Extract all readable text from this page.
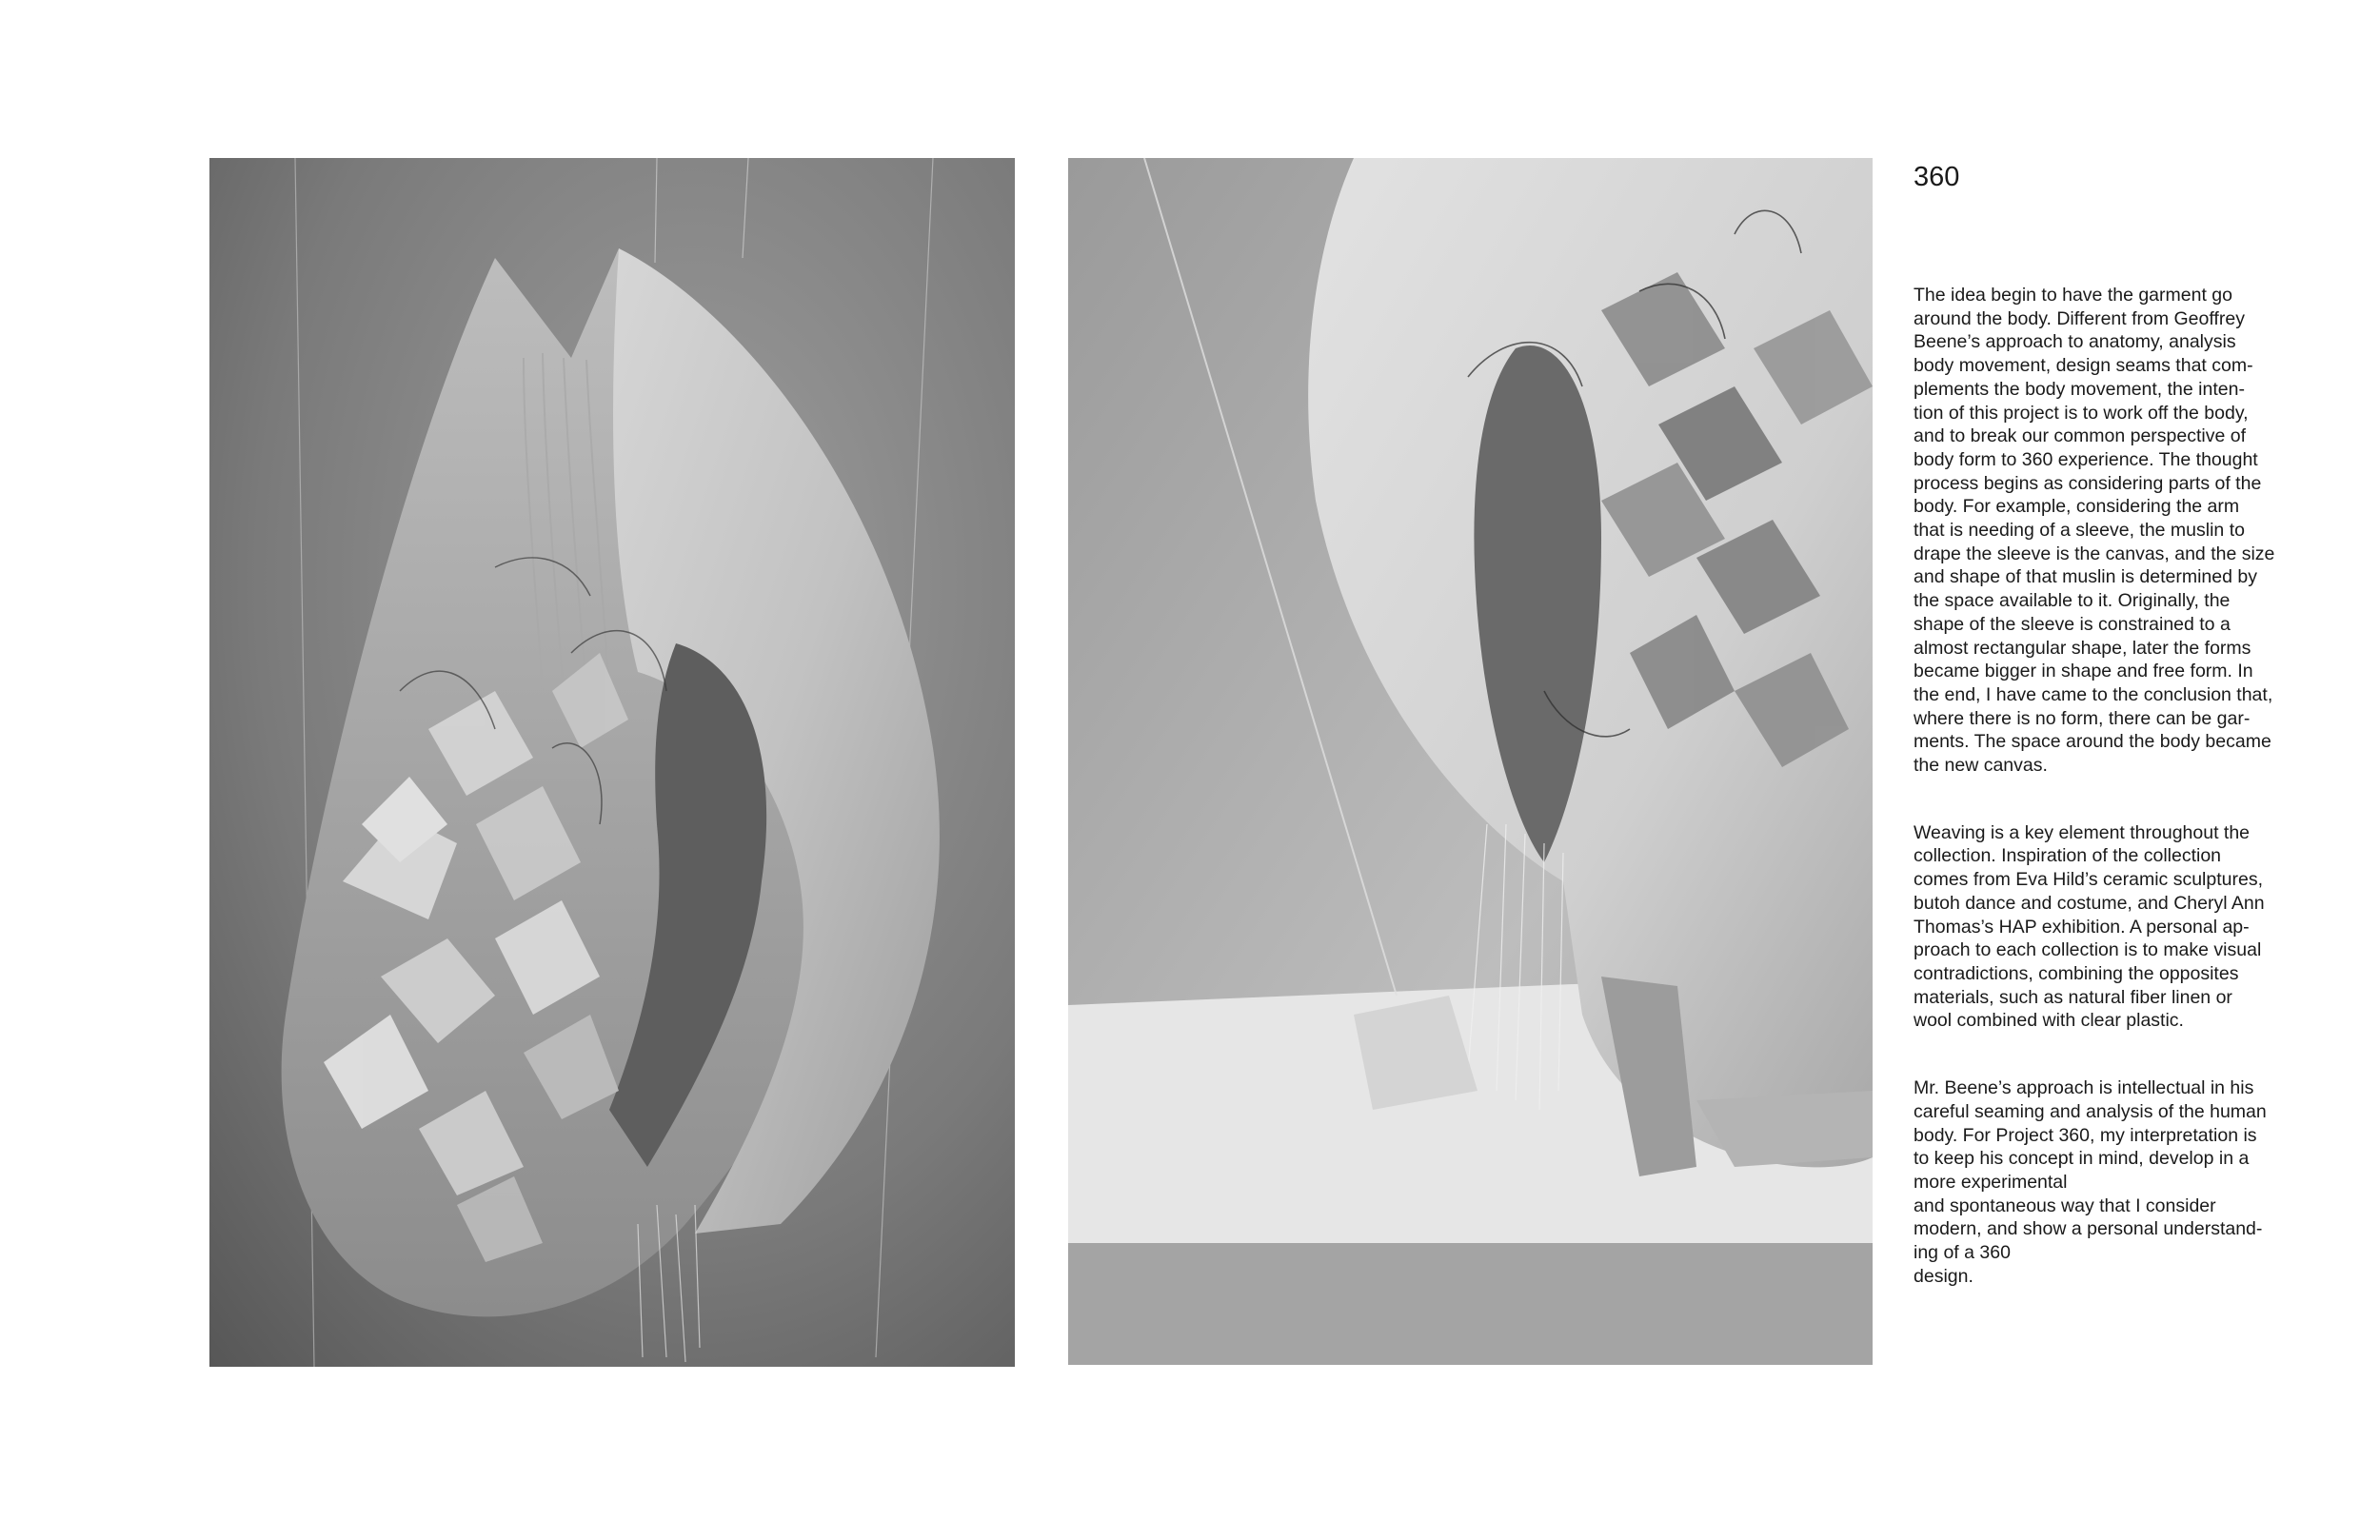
360

The idea begin to have the garment go
around the body. Different from Geoffrey
Beene’s approach to anatomy, analysis
body movement, design seams that com-
plements the body movement, the inten-
tion of this project is to work off the body,
and to break our common perspective of
body form to 360 experience. The thought
process begins as considering parts of the
body. For example, considering the arm
that is needing of a sleeve, the muslin to
drape the sleeve is the canvas, and the size
and shape of that muslin is determined by
the space available to it. Originally, the
shape of the sleeve is constrained to a
almost rectangular shape, later the forms
became bigger in shape and free form. In
the end, I have came to the conclusion that,
where there is no form, there can be gar-
ments. The space around the body became
the new canvas.

Weaving is a key element throughout the
collection. Inspiration of the collection
comes from Eva Hild’s ceramic sculptures,
butoh dance and costume, and Cheryl Ann
Thomas’s HAP exhibition. A personal ap-
proach to each collection is to make visual
contradictions, combining the opposites
materials, such as natural fiber linen or
wool combined with clear plastic.

Mr. Beene’s approach is intellectual in his
careful seaming and analysis of the human
body. For Project 360, my interpretation is
to keep his concept in mind, develop in a
more experimental
and spontaneous way that I consider
modern, and show a personal understand-
ing of a 360
design.
